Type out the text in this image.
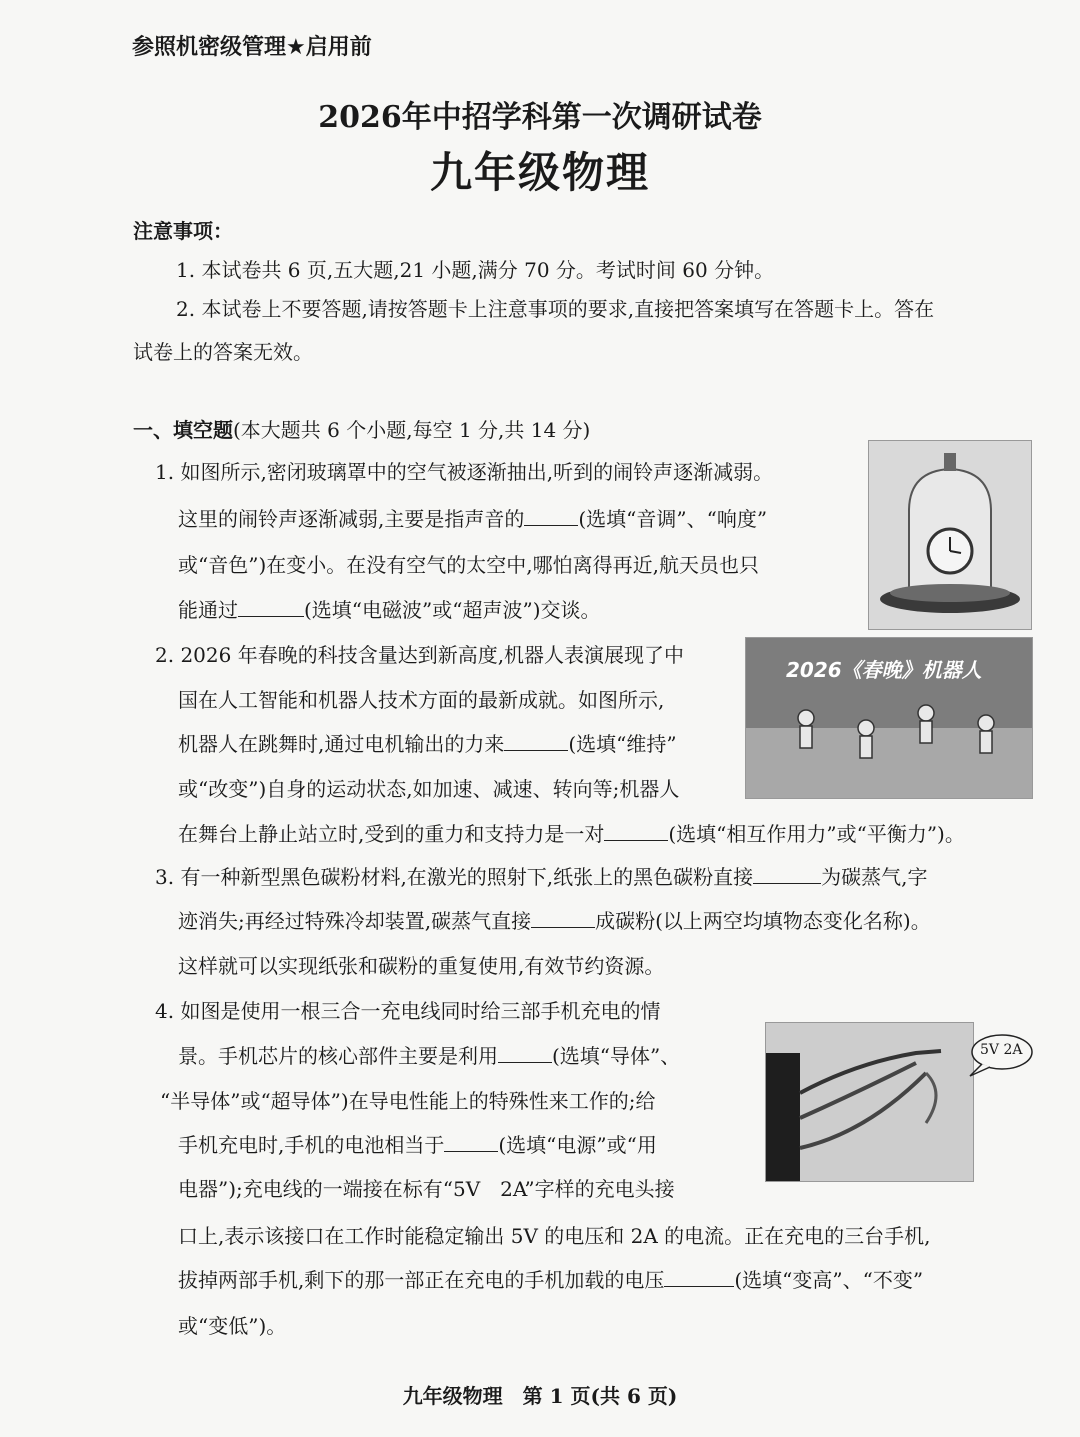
参照机密级管理★启用前
2026年中招学科第一次调研试卷
九年级物理
注意事项：
1. 本试卷共 6 页,五大题,21 小题,满分 70 分。考试时间 60 分钟。
2. 本试卷上不要答题,请按答题卡上注意事项的要求,直接把答案填写在答题卡上。答在
试卷上的答案无效。
一、填空题(本大题共 6 个小题,每空 1 分,共 14 分)
1. 如图所示,密闭玻璃罩中的空气被逐渐抽出,听到的闹铃声逐渐减弱。
这里的闹铃声逐渐减弱,主要是指声音的	(选填“音调”、“响度”
或“音色”)在变小。在没有空气的太空中,哪怕离得再近,航天员也只
能通过	(选填“电磁波”或“超声波”)交谈。
2. 2026 年春晚的科技含量达到新高度,机器人表演展现了中
国在人工智能和机器人技术方面的最新成就。如图所示,
机器人在跳舞时,通过电机输出的力来	(选填“维持”
或“改变”)自身的运动状态,如加速、减速、转向等;机器人
在舞台上静止站立时,受到的重力和支持力是一对	(选填“相互作用力”或“平衡力”)。
2026《春晚》机器人
3. 有一种新型黑色碳粉材料,在激光的照射下,纸张上的黑色碳粉直接	为碳蒸气,字
迹消失;再经过特殊冷却装置,碳蒸气直接	成碳粉(以上两空均填物态变化名称)。
这样就可以实现纸张和碳粉的重复使用,有效节约资源。
4. 如图是使用一根三合一充电线同时给三部手机充电的情
景。手机芯片的核心部件主要是利用	(选填“导体”、
“半导体”或“超导体”)在导电性能上的特殊性来工作的;给
手机充电时,手机的电池相当于	(选填“电源”或“用
电器”);充电线的一端接在标有“5V　2A”字样的充电头接
口上,表示该接口在工作时能稳定输出 5V 的电压和 2A 的电流。正在充电的三台手机,
拔掉两部手机,剩下的那一部正在充电的手机加载的电压	(选填“变高”、“不变”
或“变低”)。
5V 2A
九年级物理　第 1 页(共 6 页)
